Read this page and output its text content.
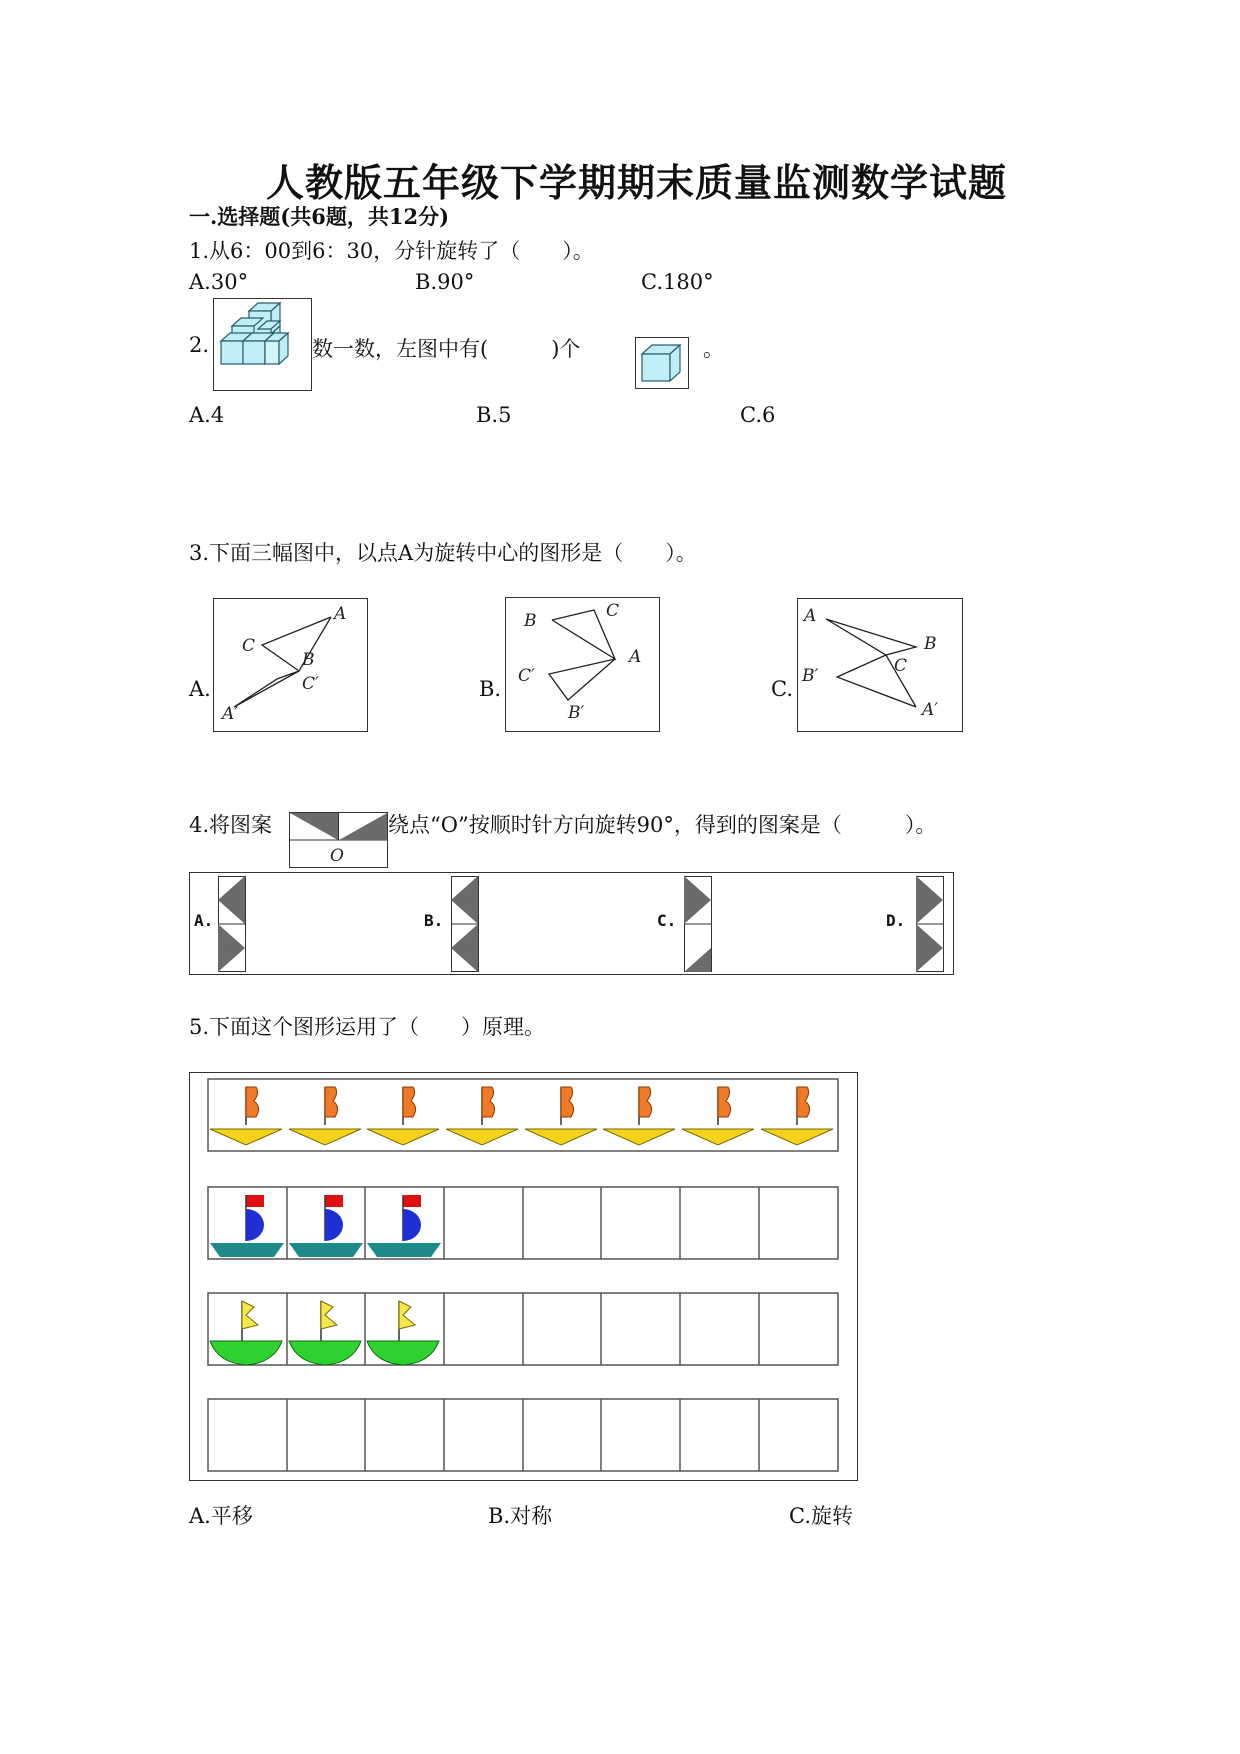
人教版五年级下学期期末质量监测数学试题
一.选择题(共6题，共12分)
1.从6：00到6：30，分针旋转了（　　）。
A.30°	B.90°	C.180°
2.	数一数，左图中有(　　　)个	。
A.4	B.5	C.6
3.下面三幅图中，以点A为旋转中心的图形是（　　）。
A.
A
B
C
A′
C′	B.
B	C
A
C′
B′
C.
A
B
C
B′
A′
4.将图案
O
绕点“O”按顺时针方向旋转90°，得到的图案是（　　　）。
A.	B.	C.	D.
5.下面这个图形运用了（　　）原理。
A.平移	B.对称	C.旋转
